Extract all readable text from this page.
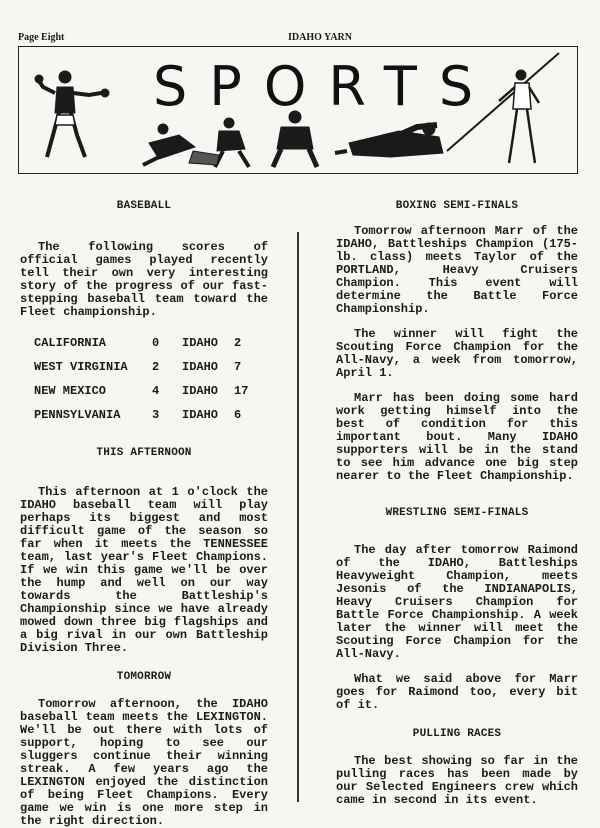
Page Eight	IDAHO YARN
SPORTS

BASEBALL

The following scores of official games played recently tell their own very interesting story of the progress of our fast-stepping baseball team toward the Fleet championship.

CALIFORNIA	0 IDAHO 2
WEST VIRGINIA 2 IDAHO 7
NEW MEXICO	4 IDAHO 17
PENNSYLVANIA	3 IDAHO 6

THIS AFTERNOON

This afternoon at 1 o'clock the IDAHO baseball team will play perhaps its biggest and most difficult game of the season so far when it meets the TENNESSEE team, last year's Fleet Champions. If we win this game we'll be over the hump and well on our way towards the Battleship's Championship since we have already mowed down three big flagships and a big rival in our own Battleship Division Three.

TOMORROW

Tomorrow afternoon, the IDAHO baseball team meets the LEXINGTON. We'll be out there with lots of support, hoping to see our sluggers continue their winning streak. A few years ago the LEXINGTON enjoyed the distinction of being Fleet Champions. Every game we win is one more step in the right direction.

BOXING SEMI-FINALS

Tomorrow afternoon Marr of the IDAHO, Battleships Champion (175-lb. class) meets Taylor of the PORTLAND, Heavy Cruisers Champion. This event will determine the Battle Force Championship.

The winner will fight the Scouting Force Champion for the All-Navy, a week from tomorrow, April 1.

Marr has been doing some hard work getting himself into the best of condition for this important bout. Many IDAHO supporters will be in the stand to see him advance one big step nearer to the Fleet Championship.

WRESTLING SEMI-FINALS

The day after tomorrow Raimond of the IDAHO, Battleships Heavyweight Champion, meets Jesonis of the INDIANAPOLIS, Heavy Cruisers Champion for Battle Force Championship. A week later the winner will meet the Scouting Force Champion for the All-Navy.

What we said above for Marr goes for Raimond too, every bit of it.

PULLING RACES

The best showing so far in the pulling races has been made by our Selected Engineers crew which came in second in its event.
